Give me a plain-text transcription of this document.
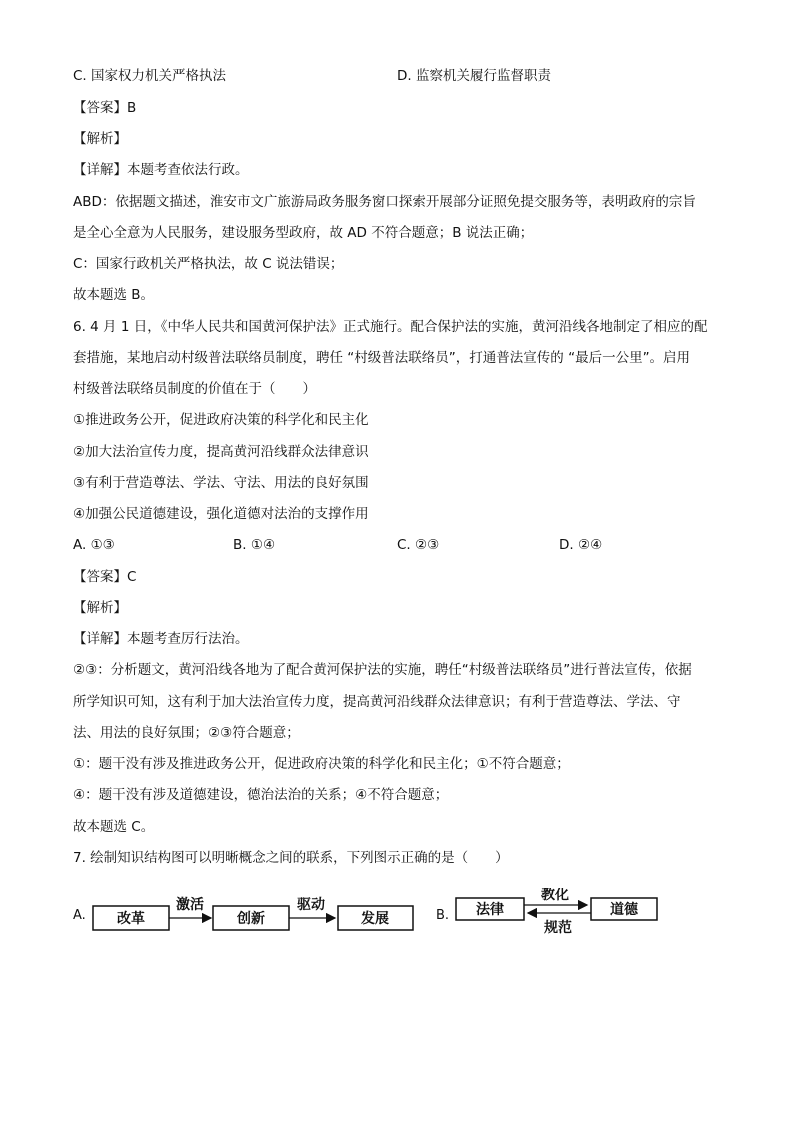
C. 国家权力机关严格执法	D. 监察机关履行监督职责
【答案】B
【解析】
【详解】本题考查依法行政。
ABD：依据题文描述，淮安市文广旅游局政务服务窗口探索开展部分证照免提交服务等，表明政府的宗旨
是全心全意为人民服务，建设服务型政府，故 AD 不符合题意；B 说法正确；
C：国家行政机关严格执法，故 C 说法错误；
故本题选 B。
6. 4 月 1 日，《中华人民共和国黄河保护法》正式施行。配合保护法的实施，黄河沿线各地制定了相应的配
套措施，某地启动村级普法联络员制度，聘任 “村级普法联络员”，打通普法宣传的 “最后一公里”。启用
村级普法联络员制度的价值在于（　　）
①推进政务公开，促进政府决策的科学化和民主化
②加大法治宣传力度，提高黄河沿线群众法律意识
③有利于营造尊法、学法、守法、用法的良好氛围
④加强公民道德建设，强化道德对法治的支撑作用
A. ①③	B. ①④	C. ②③	D. ②④
【答案】C
【解析】
【详解】本题考查厉行法治。
②③：分析题文，黄河沿线各地为了配合黄河保护法的实施，聘任“村级普法联络员”进行普法宣传，依据
所学知识可知，这有利于加大法治宣传力度，提高黄河沿线群众法律意识；有利于营造尊法、学法、守
法、用法的良好氛围；②③符合题意；
①：题干没有涉及推进政务公开，促进政府决策的科学化和民主化；①不符合题意；
④：题干没有涉及道德建设，德治法治的关系；④不符合题意；
故本题选 C。
7. 绘制知识结构图可以明晰概念之间的联系，下列图示正确的是（　　）
A. 改革
激活
创新
驱动
发展	B. 法律
教化
规范
道德
